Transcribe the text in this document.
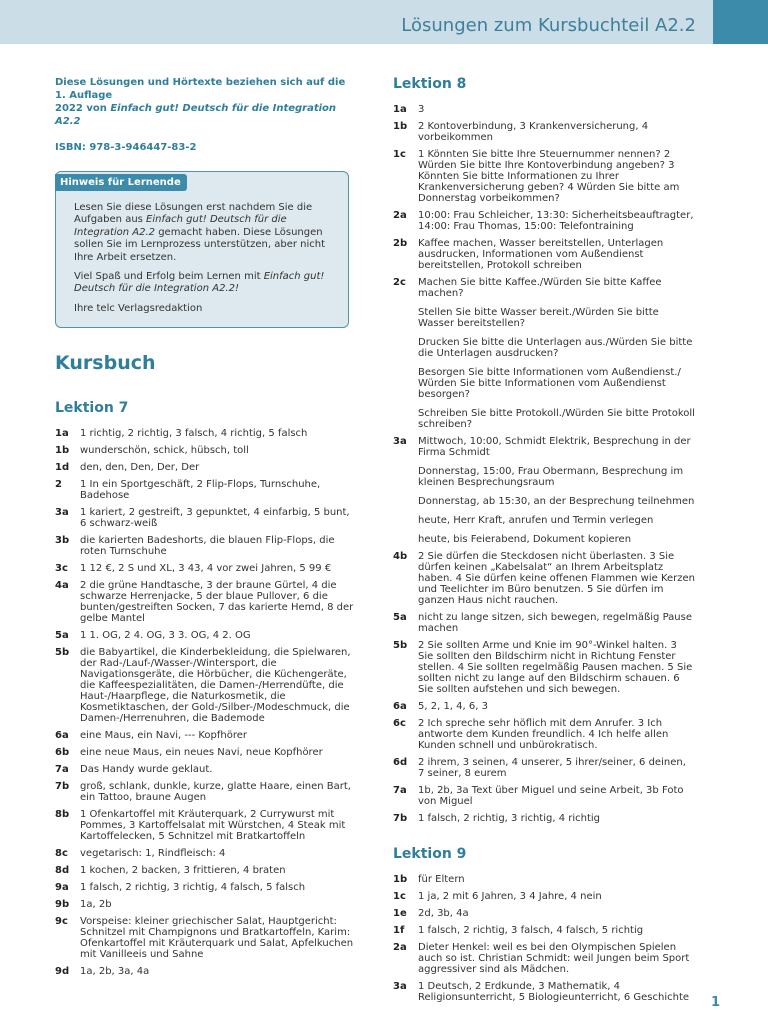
Lösungen zum Kursbuchteil A2.2

Diese Lösungen und Hörtexte beziehen sich auf die 1. Auflage
2022 von Einfach gut! Deutsch für die Integration A2.2

ISBN: 978-3-946447-83-2

Hinweis für Lernende

Lesen Sie diese Lösungen erst nachdem Sie die Aufgaben aus Einfach gut! Deutsch für die Integration A2.2 gemacht haben. Diese Lösungen sollen Sie im Lernprozess unterstützen, aber nicht Ihre Arbeit ersetzen.

Viel Spaß und Erfolg beim Lernen mit Einfach gut! Deutsch für die Integration A2.2!

Ihre telc Verlagsredaktion

Kursbuch
Lektion 7
1a	1 richtig, 2 richtig, 3 falsch, 4 richtig, 5 falsch
1b	wunderschön, schick, hübsch, toll
1d	den, den, Den, Der, Der
2	1 In ein Sportgeschäft, 2 Flip-Flops, Turnschuhe, Badehose
3a	1 kariert, 2 gestreift, 3 gepunktet, 4 einfarbig, 5 bunt, 6 schwarz-weiß
3b	die karierten Badeshorts, die blauen Flip-Flops, die roten Turnschuhe
3c	1 12 €, 2 S und XL, 3 43, 4 vor zwei Jahren, 5 99 €
4a	2 die grüne Handtasche, 3 der braune Gürtel, 4 die schwarze Herrenjacke, 5 der blaue Pullover, 6 die bunten/gestreiften Socken, 7 das karierte Hemd, 8 der gelbe Mantel
5a	1 1. OG, 2 4. OG, 3 3. OG, 4 2. OG
5b	die Babyartikel, die Kinderbekleidung, die Spielwaren, der Rad-/Lauf-/Wasser-/Wintersport, die Navigationsgeräte, die Hörbücher, die Küchengeräte, die Kaffeespezialitäten, die Damen-/Herrendüfte, die Haut-/Haarpflege, die Naturkosmetik, die Kosmetiktaschen, der Gold-/Silber-/Modeschmuck, die Damen-/Herrenuhren, die Bademode
6a	eine Maus, ein Navi, --- Kopfhörer
6b	eine neue Maus, ein neues Navi, neue Kopfhörer
7a	Das Handy wurde geklaut.
7b	groß, schlank, dunkle, kurze, glatte Haare, einen Bart, ein Tattoo, braune Augen
8b	1 Ofenkartoffel mit Kräuterquark, 2 Currywurst mit Pommes, 3 Kartoffelsalat mit Würstchen, 4 Steak mit Kartoffelecken, 5 Schnitzel mit Bratkartoffeln
8c	vegetarisch: 1, Rindfleisch: 4
8d	1 kochen, 2 backen, 3 frittieren, 4 braten
9a	1 falsch, 2 richtig, 3 richtig, 4 falsch, 5 falsch
9b	1a, 2b
9c	Vorspeise: kleiner griechischer Salat, Hauptgericht: Schnitzel mit Champignons und Bratkartoffeln, Karim: Ofenkartoffel mit Kräuterquark und Salat, Apfelkuchen mit Vanilleeis und Sahne
9d	1a, 2b, 3a, 4a
Lektion 8
1a	3
1b	2 Kontoverbindung, 3 Krankenversicherung, 4 vorbeikommen
1c	1 Könnten Sie bitte Ihre Steuernummer nennen? 2 Würden Sie bitte Ihre Kontoverbindung angeben? 3 Könnten Sie bitte Informationen zu Ihrer Krankenversicherung geben? 4 Würden Sie bitte am Donnerstag vorbeikommen?
2a	10:00: Frau Schleicher, 13:30: Sicherheitsbeauftragter, 14:00: Frau Thomas, 15:00: Telefontraining
2b	Kaffee machen, Wasser bereitstellen, Unterlagen ausdrucken, Informationen vom Außendienst bereitstellen, Protokoll schreiben
2c	Machen Sie bitte Kaffee./Würden Sie bitte Kaffee machen?
Stellen Sie bitte Wasser bereit./Würden Sie bitte Wasser bereitstellen?
Drucken Sie bitte die Unterlagen aus./Würden Sie bitte die Unterlagen ausdrucken?
Besorgen Sie bitte Informationen vom Außendienst./ Würden Sie bitte Informationen vom Außendienst besorgen?
Schreiben Sie bitte Protokoll./Würden Sie bitte Protokoll schreiben?
3a	Mittwoch, 10:00, Schmidt Elektrik, Besprechung in der Firma Schmidt
Donnerstag, 15:00, Frau Obermann, Besprechung im kleinen Besprechungsraum
Donnerstag, ab 15:30, an der Besprechung teilnehmen
heute, Herr Kraft, anrufen und Termin verlegen
heute, bis Feierabend, Dokument kopieren
4b	2 Sie dürfen die Steckdosen nicht überlasten. 3 Sie dürfen keinen „Kabelsalat“ an Ihrem Arbeitsplatz haben. 4 Sie dürfen keine offenen Flammen wie Kerzen und Teelichter im Büro benutzen. 5 Sie dürfen im ganzen Haus nicht rauchen.
5a	nicht zu lange sitzen, sich bewegen, regelmäßig Pause machen
5b	2 Sie sollten Arme und Knie im 90°-Winkel halten. 3 Sie sollten den Bildschirm nicht in Richtung Fenster stellen. 4 Sie sollten regelmäßig Pausen machen. 5 Sie sollten nicht zu lange auf den Bildschirm schauen. 6 Sie sollten aufstehen und sich bewegen.
6a	5, 2, 1, 4, 6, 3
6c	2 Ich spreche sehr höflich mit dem Anrufer. 3 Ich antworte dem Kunden freundlich. 4 Ich helfe allen Kunden schnell und unbürokratisch.
6d	2 ihrem, 3 seinen, 4 unserer, 5 ihrer/seiner, 6 deinen, 7 seiner, 8 eurem
7a	1b, 2b, 3a Text über Miguel und seine Arbeit, 3b Foto von Miguel
7b	1 falsch, 2 richtig, 3 richtig, 4 richtig
Lektion 9
1b	für Eltern
1c	1 ja, 2 mit 6 Jahren, 3 4 Jahre, 4 nein
1e	2d, 3b, 4a
1f	1 falsch, 2 richtig, 3 falsch, 4 falsch, 5 richtig
2a	Dieter Henkel: weil es bei den Olympischen Spielen auch so ist. Christian Schmidt: weil Jungen beim Sport aggressiver sind als Mädchen.
3a	1 Deutsch, 2 Erdkunde, 3 Mathematik, 4 Religionsunterricht, 5 Biologieunterricht, 6 Geschichte	1
